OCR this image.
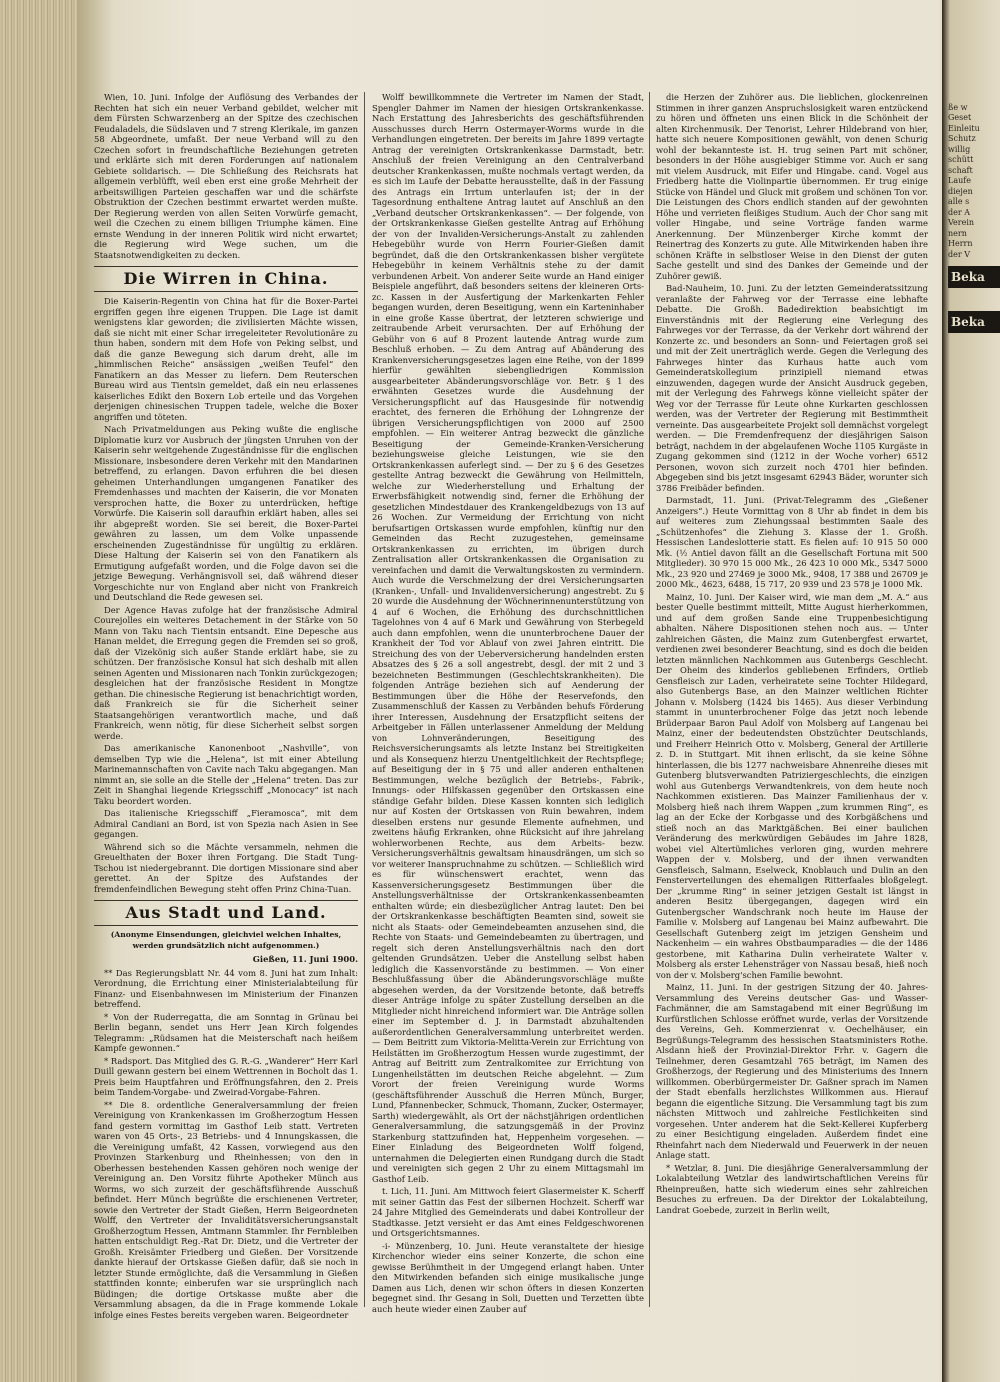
Wien, 10. Juni. Infolge der Auflösung des Verbandes der Rechten hat sich ein neuer Verband gebildet, welcher mit dem Fürsten Schwarzenberg an der Spitze des czechischen Feudaladels, die Südslaven und 7 streng Klerikale, im ganzen 58 Abgeordnete, umfaßt. Der neue Verband will zu den Czechen sofort in freundschaftliche Beziehungen getreten und erklärte sich mit deren Forderungen auf nationalem Gebiete solidarisch. — Die Schließung des Reichsrats hat allgemein verblüfft, weil eben erst eine große Mehrheit der arbeitswilligen Parteien geschaffen war und die schärfste Obstruktion der Czechen bestimmt erwartet werden mußte. Der Regierung werden von allen Seiten Vorwürfe gemacht, weil die Czechen zu einem billigen Triumphe kämen. Eine ernste Wendung in der inneren Politik wird nicht erwartet; die Regierung wird Wege suchen, um die Staatsnotwendigkeiten zu decken.

Die Wirren in China.

Die Kaiserin-Regentin von China hat für die Boxer-Partei ergriffen gegen ihre eigenen Truppen. Die Lage ist damit wenigstens klar geworden; die zivilisierten Mächte wissen, daß sie nicht mit einer Schar irregeleiteter Revolutionäre zu thun haben, sondern mit dem Hofe von Peking selbst, und daß die ganze Bewegung sich darum dreht, alle im „himmlischen Reiche“ ansässigen „weißen Teufel“ den Fanatikern an das Messer zu liefern. Dem Reuterschen Bureau wird aus Tientsin gemeldet, daß ein neu erlassenes kaiserliches Edikt den Boxern Lob erteile und das Vorgehen derjenigen chinesischen Truppen tadele, welche die Boxer angriffen und töteten.

Nach Privatmeldungen aus Peking wußte die englische Diplomatie kurz vor Ausbruch der jüngsten Unruhen von der Kaiserin sehr weitgehende Zugeständnisse für die englischen Missionare, insbesondere deren Verkehr mit den Mandarinen betreffend, zu erlangen. Davon erfuhren die bei diesen geheimen Unterhandlungen umgangenen Fanatiker des Fremdenhasses und machten der Kaiserin, die vor Monaten versprochen hatte, die Boxer zu unterdrücken, heftige Vorwürfe. Die Kaiserin soll daraufhin erklärt haben, alles sei ihr abgepreßt worden. Sie sei bereit, die Boxer-Partei gewähren zu lassen, um dem Volke unpassende erscheinenden Zugeständnisse für ungültig zu erklären. Diese Haltung der Kaiserin sei von den Fanatikern als Ermutigung aufgefaßt worden, und die Folge davon sei die jetzige Bewegung. Verhängnisvoll sei, daß während dieser Vorgeschichte nur von England aber nicht von Frankreich und Deutschland die Rede gewesen sei.

Der Agence Havas zufolge hat der französische Admiral Courejolles ein weiteres Detachement in der Stärke von 50 Mann von Taku nach Tientsin entsandt. Eine Depesche aus Hanan meldet, die Erregung gegen die Fremden sei so groß, daß der Vizekönig sich außer Stande erklärt habe, sie zu schützen. Der französische Konsul hat sich deshalb mit allen seinen Agenten und Missionaren nach Tonkin zurückgezogen; desgleichen hat der französische Resident in Mongtze gethan. Die chinesische Regierung ist benachrichtigt worden, daß Frankreich sie für die Sicherheit seiner Staatsangehörigen verantwortlich mache, und daß Frankreich, wenn nötig, für diese Sicherheit selbst sorgen werde.

Das amerikanische Kanonenboot „Nashville“, von demselben Typ wie die „Helena“, ist mit einer Abteilung Marinemannschaften von Cavite nach Taku abgegangen. Man nimmt an, sie solle an die Stelle der „Helena“ treten. Das zur Zeit in Shanghai liegende Kriegsschiff „Monocacy“ ist nach Taku beordert worden.

Das italienische Kriegsschiff „Fieramosca“, mit dem Admiral Candiani an Bord, ist von Spezia nach Asien in See gegangen.

Während sich so die Mächte versammeln, nehmen die Greuelthaten der Boxer ihren Fortgang. Die Stadt Tung-Tschou ist niedergebrannt. Die dortigen Missionare sind aber gerettet. An der Spitze des Aufstandes der fremdenfeindlichen Bewegung steht offen Prinz China-Tuan.

Aus Stadt und Land.

(Anonyme Einsendungen, gleichviel welchen Inhaltes, werden grundsätzlich nicht aufgenommen.)

Gießen, 11. Juni 1900.

** Das Regierungsblatt Nr. 44 vom 8. Juni hat zum Inhalt: Verordnung, die Errichtung einer Ministerialabteilung für Finanz- und Eisenbahnwesen im Ministerium der Finanzen betreffend.

* Von der Ruderregatta, die am Sonntag in Grünau bei Berlin begann, sendet uns Herr Jean Kirch folgendes Telegramm: „Rüdsamen hat die Meisterschaft nach heißem Kampfe gewonnen.“

* Radsport. Das Mitglied des G. R.-G. „Wanderer“ Herr Karl Duill gewann gestern bei einem Wettrennen in Bocholt das 1. Preis beim Hauptfahren und Eröffnungsfahren, den 2. Preis beim Tandem-Vorgabe- und Zweirad-Vorgabe-Fahren.

** Die 8. ordentliche Generalversammlung der freien Vereinigung von Krankenkassen im Großherzogtum Hessen fand gestern vormittag im Gasthof Leib statt. Vertreten waren von 45 Orts-, 23 Betriebs- und 4 Innungskassen, die die Vereinigung umfaßt, 42 Kassen, vorwiegend aus den Provinzen Starkenburg und Rheinhessen; von den in Oberhessen bestehenden Kassen gehören noch wenige der Vereinigung an. Den Vorsitz führte Apotheker Münch aus Worms, wo sich zurzeit der geschäftsführende Ausschuß befindet. Herr Münch begrüßte die erschienenen Vertreter, sowie den Vertreter der Stadt Gießen, Herrn Beigeordneten Wolff, den Vertreter der Invaliditätsversicherungsanstalt Großherzogtum Hessen, Amtmann Stammler. Ihr Fernbleiben hatten entschuldigt Reg.-Rat Dr. Dietz, und die Vertreter der Großh. Kreisämter Friedberg und Gießen. Der Vorsitzende dankte hierauf der Ortskasse Gießen dafür, daß sie noch in letzter Stunde ermöglichte, daß die Versammlung in Gießen stattfinden konnte; einberufen war sie ursprünglich nach Büdingen; die dortige Ortskasse mußte aber die Versammlung absagen, da die in Frage kommende Lokale infolge eines Festes bereits vergeben waren. Beigeordneter

Wolff bewillkommnete die Vertreter im Namen der Stadt, Spengler Dahmer im Namen der hiesigen Ortskrankenkasse. Nach Erstattung des Jahresberichts des geschäftsführenden Ausschusses durch Herrn Ostermayer-Worms wurde in die Verhandlungen eingetreten. Der bereits im Jahre 1899 vertagte Antrag der vereinigten Ortskrankenkasse Darmstadt, betr. Anschluß der freien Vereinigung an den Centralverband deutscher Krankenkassen, mußte nochmals vertagt werden, da es sich im Laufe der Debatte herausstellte, daß in der Fassung des Antrags ein Irrtum unterlaufen ist; der in der Tagesordnung enthaltene Antrag lautet auf Anschluß an den „Verband deutscher Ortskrankenkassen“. — Der folgende, von der Ortskrankenkasse Gießen gestellte Antrag auf Erhöhung der von der Invaliden-Versicherungs-Anstalt zu zahlenden Hebegebühr wurde von Herrn Fourier-Gießen damit begründet, daß die den Ortskrankenkassen bisher vergütete Hebegebühr in keinem Verhältnis stehe zu der damit verbundenen Arbeit. Von anderer Seite wurde an Hand einiger Beispiele angeführt, daß besonders seitens der kleineren Orts- zc. Kassen in der Ausfertigung der Markenkarten Fehler begangen wurden, deren Beseitigung, wenn ein Karteninhaber in eine große Kasse übertrat, der letzteren schwierige und zeitraubende Arbeit verursachten. Der auf Erhöhung der Gebühr von 6 auf 8 Prozent lautende Antrag wurde zum Beschluß erhoben. — Zu dem Antrag auf Abänderung des Krankenversicherungsgesetzes lagen eine Reihe, von der 1899 hierfür gewählten siebengliedrigen Kommission ausgearbeiteter Abänderungsvorschläge vor. Betr. § 1 des erwähnten Gesetzes wurde die Ausdehnung der Versicherungspflicht auf das Hausgesinde für notwendig erachtet, des ferneren die Erhöhung der Lohngrenze der übrigen Versicherungspflichtigen von 2000 auf 2500 empfohlen. — Ein weiterer Antrag bezweckt die gänzliche Beseitigung der Gemeinde-Kranken-Versicherung beziehungsweise gleiche Leistungen, wie sie den Ortskrankenkassen auferlegt sind. — Der zu § 6 des Gesetzes gestellte Antrag bezweckt die Gewährung von Heilmitteln, welche zur Wiederherstellung und Erhaltung der Erwerbsfähigkeit notwendig sind, ferner die Erhöhung der gesetzlichen Mindestdauer des Krankengeldbezugs von 13 auf 26 Wochen. Zur Vermeidung der Errichtung von nicht berufsartigen Ortskassen wurde empfohlen, künftig nur den Gemeinden das Recht zuzugestehen, gemeinsame Ortskrankenkassen zu errichten, im übrigen durch Zentralisation aller Ortskrankenkassen die Organisation zu vereinfachen und damit die Verwaltungskosten zu vermindern. Auch wurde die Verschmelzung der drei Versicherungsarten (Kranken-, Unfall- und Invalidenversicherung) angestrebt. Zu § 20 wurde die Ausdehnung der Wöchnerinnenunterstützung von 4 auf 6 Wochen, die Erhöhung des durchschnittlichen Tagelohnes von 4 auf 6 Mark und Gewährung von Sterbegeld auch dann empfohlen, wenn die ununterbrochene Dauer der Krankheit der Tod vor Ablauf von zwei Jahren eintritt. Die Streichung des von der Ueberversicherung handelnden ersten Absatzes des § 26 a soll angestrebt, desgl. der mit 2 und 3 bezeichneten Bestimmungen (Geschlechtskrankheiten). Die folgenden Anträge beziehen sich auf Aenderung der Bestimmungen über die Höhe der Reservefonds, den Zusammenschluß der Kassen zu Verbänden behufs Förderung ihrer Interessen, Ausdehnung der Ersatzpflicht seitens der Arbeitgeber in Fällen unterlassener Anmeldung der Meldung von Lohnveränderungen, Beseitigung des Reichsversicherungsamts als letzte Instanz bei Streitigkeiten und als Konsequenz hierzu Unentgeltlichkeit der Rechtspflege; auf Beseitigung der in § 75 und aller anderen enthaltenen Bestimmungen, welche bezüglich der Betriebs-, Fabrik-, Innungs- oder Hilfskassen gegenüber den Ortskassen eine ständige Gefahr bilden. Diese Kassen konnten sich lediglich nur auf Kosten der Ortskassen von Ruin bewahren, indem dieselben erstens nur gesunde Elemente aufnehmen, und zweitens häufig Erkranken, ohne Rücksicht auf ihre jahrelang wohlerworbenen Rechte, aus dem Arbeits- bezw. Versicherungsverhältnis gewaltsam hinausdrängen, um sich so vor weiterer Inanspruchnahme zu schützen. — Schließlich wird es für wünschenswert erachtet, wenn das Kassenversicherungsgesetz Bestimmungen über die Anstellungsverhältnisse der Ortskrankenkassenbeamten enthalten würde; ein diesbezüglicher Antrag lautet: Den bei der Ortskrankenkasse beschäftigten Beamten sind, soweit sie nicht als Staats- oder Gemeindebeamten anzusehen sind, die Rechte von Staats- und Gemeindebeamten zu übertragen, und regelt sich deren Anstellungsverhältnis nach den dort geltenden Grundsätzen. Ueber die Anstellung selbst haben lediglich die Kassenvorstände zu bestimmen. — Von einer Beschlußfassung über die Abänderungsvorschläge mußte abgesehen werden, da der Vorsitzende betonte, daß betreffs dieser Anträge infolge zu später Zustellung derselben an die Mitglieder nicht hinreichend informiert war. Die Anträge sollen einer im September d. J. in Darmstadt abzuhaltenden außerordentlichen Generalversammlung unterbreitet werden. — Dem Beitritt zum Viktoria-Melitta-Verein zur Errichtung von Heilstätten im Großherzogtum Hessen wurde zugestimmt, der Antrag auf Beitritt zum Zentralkomitee zur Errichtung von Lungenheilstätten im deutschen Reiche abgelehnt. — Zum Vorort der freien Vereinigung wurde Worms (geschäftsführender Ausschuß die Herren Münch, Burger, Lund, Pfannenbecker, Schmuck, Thomann, Zucker, Ostermayer, Sarth) wiedergewählt, als Ort der nächstjährigen ordentlichen Generalversammlung, die satzungsgemäß in der Provinz Starkenburg stattzufinden hat, Heppenheim vorgesehen. — Einer Einladung des Beigeordneten Wolff folgend, unternahmen die Delegierten einen Rundgang durch die Stadt und vereinigten sich gegen 2 Uhr zu einem Mittagsmahl im Gasthof Leib.

t. Lich, 11. Juni. Am Mittwoch feiert Glasermeister K. Scherff mit seiner Gattin das Fest der silbernen Hochzeit. Scherff war 24 Jahre Mitglied des Gemeinderats und dabei Kontrolleur der Stadtkasse. Jetzt versieht er das Amt eines Feldgeschworenen und Ortsgerichtsmannes.

-i- Münzenberg, 10. Juni. Heute veranstaltete der hiesige Kirchenchor wieder eins seiner Konzerte, die schon eine gewisse Berühmtheit in der Umgegend erlangt haben. Unter den Mitwirkenden befanden sich einige musikalische junge Damen aus Lich, denen wir schon öfters in diesen Konzerten begegnet sind. Ihr Gesang in Soli, Duetten und Terzetten übte auch heute wieder einen Zauber auf

die Herzen der Zuhörer aus. Die lieblichen, glockenreinen Stimmen in ihrer ganzen Anspruchslosigkeit waren entzückend zu hören und öffneten uns einen Blick in die Schönheit der alten Kirchenmusik. Der Tenorist, Lehrer Hildebrand von hier, hatte sich neuere Kompositionen gewählt, von denen Schurig wohl der bekannteste ist. H. trug seinen Part mit schöner, besonders in der Höhe ausgiebiger Stimme vor. Auch er sang mit vielem Ausdruck, mit Eifer und Hingabe. cand. Vogel aus Friedberg hatte die Violinpartie übernommen. Er trug einige Stücke von Händel und Gluck mit großem und schönen Ton vor. Die Leistungen des Chors endlich standen auf der gewohnten Höhe und verrieten fleißiges Studium. Auch der Chor sang mit voller Hingabe, und seine Vorträge fanden warme Anerkennung. Der Münzenberger Kirche kommt der Reinertrag des Konzerts zu gute. Alle Mitwirkenden haben ihre schönen Kräfte in selbstloser Weise in den Dienst der guten Sache gestellt und sind des Dankes der Gemeinde und der Zuhörer gewiß.

Bad-Nauheim, 10. Juni. Zu der letzten Gemeinderatssitzung veranlaßte der Fahrweg vor der Terrasse eine lebhafte Debatte. Die Großh. Badedirektion beabsichtigt im Einverständnis mit der Regierung eine Verlegung des Fahrweges vor der Terrasse, da der Verkehr dort während der Konzerte zc. und besonders an Sonn- und Feiertagen groß sei und mit der Zeit unerträglich werde. Gegen die Verlegung des Fahrweges hinter das Kurhaus hatte auch vom Gemeinderatskollegium prinzipiell niemand etwas einzuwenden, dagegen wurde der Ansicht Ausdruck gegeben, mit der Verlegung des Fahrwegs könne vielleicht später der Weg vor der Terrasse für Leute ohne Kurkarten geschlossen werden, was der Vertreter der Regierung mit Bestimmtheit verneinte. Das ausgearbeitete Projekt soll demnächst vorgelegt werden. — Die Fremdenfrequenz der diesjährigen Saison beträgt, nachdem in der abgelaufenen Woche 1105 Kurgäste in Zugang gekommen sind (1212 in der Woche vorher) 6512 Personen, wovon sich zurzeit noch 4701 hier befinden. Abgegeben sind bis jetzt insgesamt 62943 Bäder, worunter sich 3786 Freibäder befinden.

Darmstadt, 11. Juni. (Privat-Telegramm des „Gießener Anzeigers“.) Heute Vormittag von 8 Uhr ab findet in dem bis auf weiteres zum Ziehungssaal bestimmten Saale des „Schützenhofes“ die Ziehung 3. Klasse der 1. Großh. Hessischen Landeslotterie statt. Es fielen auf: 10 915 50 000 Mk. (½ Antiel davon fällt an die Gesellschaft Fortuna mit 500 Mitglieder). 30 970 15 000 Mk., 26 423 10 000 Mk., 5347 5000 Mk., 23 920 und 27469 je 3000 Mk., 9408, 17 388 und 26709 je 2000 Mk., 4623, 6488, 15 717, 20 939 und 23 578 je 1000 Mk.

Mainz, 10. Juni. Der Kaiser wird, wie man dem „M. A.“ aus bester Quelle bestimmt mitteilt, Mitte August hierherkommen, und auf dem großen Sande eine Truppenbesichtigung abhalten. Nähere Dispositionen stehen noch aus. — Unter zahlreichen Gästen, die Mainz zum Gutenbergfest erwartet, verdienen zwei besonderer Beachtung, sind es doch die beiden letzten männlichen Nachkommen aus Gutenbergs Geschlecht. Der Oheim des kinderlos gebliebenen Erfinders, Ortlieb Gensfleisch zur Laden, verheiratete seine Tochter Hildegard, also Gutenbergs Base, an den Mainzer weltlichen Richter Johann v. Molsberg (1424 bis 1465). Aus dieser Verbindung stammt in ununterbrochener Folge das jetzt noch lebende Brüderpaar Baron Paul Adolf von Molsberg auf Langenau bei Mainz, einer der bedeutendsten Obstzüchter Deutschlands, und Freiherr Heinrich Otto v. Molsberg, General der Artillerie z. D. in Stuttgart. Mit ihnen erlischt, da sie keine Söhne hinterlassen, die bis 1277 nachweisbare Ahnenreihe dieses mit Gutenberg blutsverwandten Patriziergeschlechts, die einzigen wohl aus Gutenbergs Verwandtenkreis, von dem heute noch Nachkommen existieren. Das Mainzer Familienhaus der v. Molsberg hieß nach ihrem Wappen „zum krummen Ring“, es lag an der Ecke der Korbgasse und des Korbgäßchens und stieß noch an das Marktgäßchen. Bei einer baulichen Veränderung des merkwürdigen Gebäudes im Jahre 1828, wobei viel Altertümliches verloren ging, wurden mehrere Wappen der v. Molsberg, und der ihnen verwandten Gensfleisch, Salmann, Eselweck, Knoblauch und Dulin an den Fensterverteilungen des ehemaligen Ritterfaales bloßgelegt. Der „krumme Ring“ in seiner jetzigen Gestalt ist längst in anderen Besitz übergegangen, dagegen wird ein Gutenbergscher Wandschrank noch heute im Hause der Familie v. Molsberg auf Langenau bei Mainz aufbewahrt. Die Gesellschaft Gutenberg zeigt im jetzigen Gensheim und Nackenheim — ein wahres Obstbaumparadies — die der 1486 gestorbene, mit Katharina Dulin verheiratete Walter v. Molsberg als erster Lehensträger von Nassau besaß, hieß noch von der v. Molsberg'schen Familie bewohnt.

Mainz, 11. Juni. In der gestrigen Sitzung der 40. Jahres-Versammlung des Vereins deutscher Gas- und Wasser-Fachmänner, die am Samstagabend mit einer Begrüßung im Kurfürstlichen Schlosse eröffnet wurde, verlas der Vorsitzende des Vereins, Geh. Kommerzienrat v. Oechelhäuser, ein Begrüßungs-Telegramm des hessischen Staatsministers Rothe. Alsdann hieß der Provinzial-Direktor Frhr. v. Gagern die Teilnehmer, deren Gesamtzahl 765 beträgt, im Namen des Großherzogs, der Regierung und des Ministeriums des Innern willkommen. Oberbürgermeister Dr. Gaßner sprach im Namen der Stadt ebenfalls herzlichstes Willkommen aus. Hierauf begann die eigentliche Sitzung. Die Versammlung tagt bis zum nächsten Mittwoch und zahlreiche Festlichkeiten sind vorgesehen. Unter anderem hat die Sekt-Kellerei Kupferberg zu einer Besichtigung eingeladen. Außerdem findet eine Rheinfahrt nach dem Niederwald und Feuerwerk in der neuen Anlage statt.

* Wetzlar, 8. Juni. Die diesjährige Generalversammlung der Lokalabteilung Wetzlar des landwirtschaftlichen Vereins für Rheinpreußen, hatte sich wiederum eines sehr zahlreichen Besuches zu erfreuen. Da der Direktor der Lokalabteilung, Landrat Goebede, zurzeit in Berlin weilt,

ße w
Geset
Einleitu
Schutz
willig
schütt
schaft
Laufe
diejen
alle s
der A
Verein
nern
Herrn
der V

Beka

Beka
